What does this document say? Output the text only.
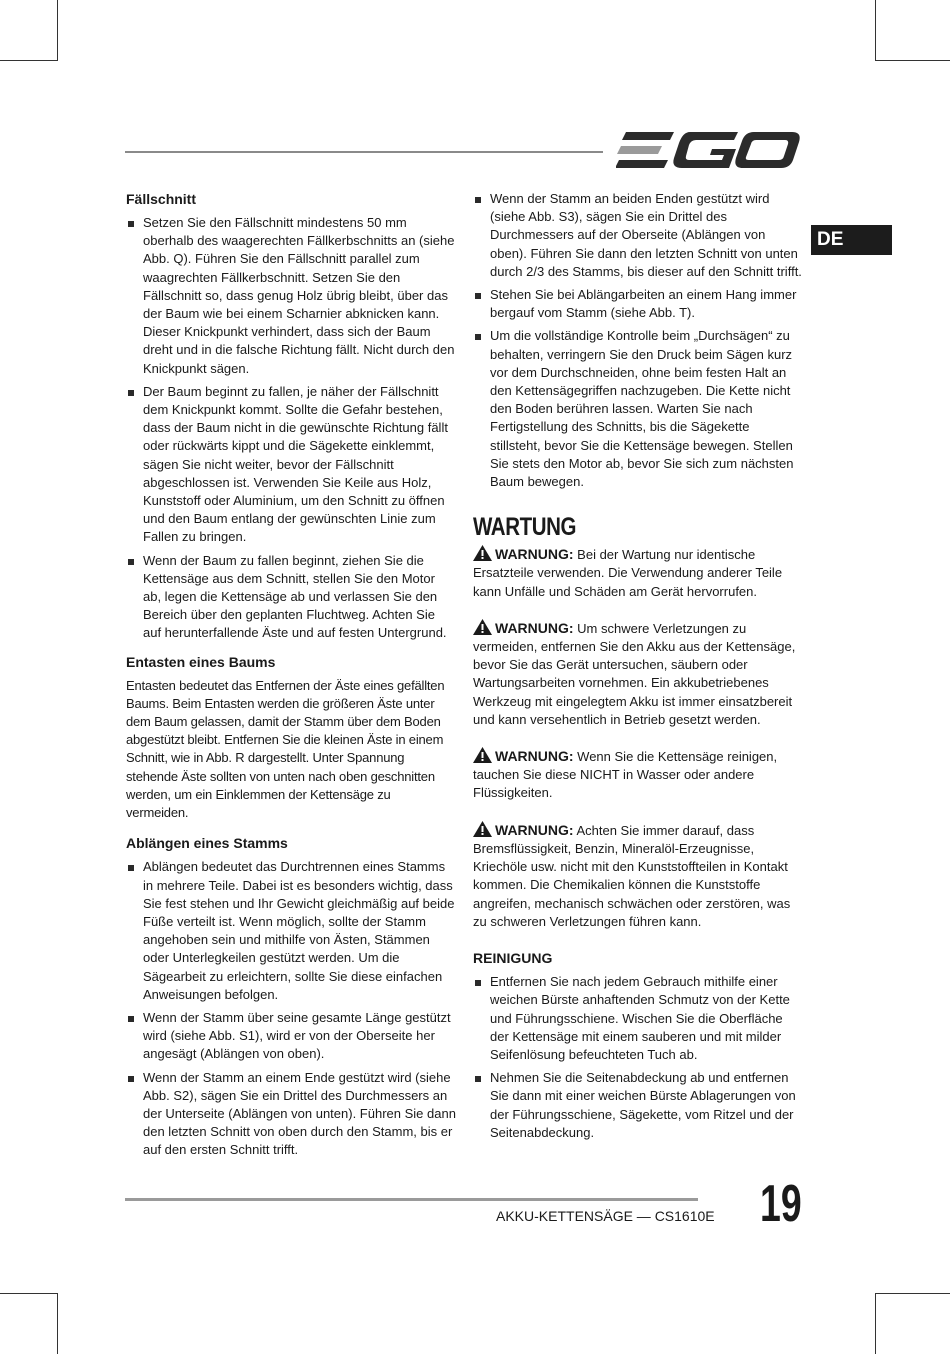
DE
Fällschnitt
Setzen Sie den Fällschnitt mindestens 50 mm oberhalb des waagerechten Fällkerbschnitts an (siehe Abb. Q). Führen Sie den Fällschnitt parallel zum waagrechten Fällkerbschnitt. Setzen Sie den Fällschnitt so, dass genug Holz übrig bleibt, über das der Baum wie bei einem Scharnier abknicken kann. Dieser Knickpunkt verhindert, dass sich der Baum dreht und in die falsche Richtung fällt. Nicht durch den Knickpunkt sägen.
Der Baum beginnt zu fallen, je näher der Fällschnitt dem Knickpunkt kommt. Sollte die Gefahr bestehen, dass der Baum nicht in die gewünschte Richtung fällt oder rückwärts kippt und die Sägekette einklemmt, sägen Sie nicht weiter, bevor der Fällschnitt abgeschlossen ist. Verwenden Sie Keile aus Holz, Kunststoff oder Aluminium, um den Schnitt zu öffnen und den Baum entlang der gewünschten Linie zum Fallen zu bringen.
Wenn der Baum zu fallen beginnt, ziehen Sie die Kettensäge aus dem Schnitt, stellen Sie den Motor ab, legen die Kettensäge ab und verlassen Sie den Bereich über den geplanten Fluchtweg. Achten Sie auf herunterfallende Äste und auf festen Untergrund.
Entasten eines Baums

Entasten bedeutet das Entfernen der Äste eines gefällten Baums. Beim Entasten werden die größeren Äste unter dem Baum gelassen, damit der Stamm über dem Boden abgestützt bleibt. Entfernen Sie die kleinen Äste in einem Schnitt, wie in Abb. R dargestellt. Unter Spannung stehende Äste sollten von unten nach oben geschnitten werden, um ein Einklemmen der Kettensäge zu vermeiden.

Ablängen eines Stamms
Ablängen bedeutet das Durchtrennen eines Stamms in mehrere Teile. Dabei ist es besonders wichtig, dass Sie fest stehen und Ihr Gewicht gleichmäßig auf beide Füße verteilt ist. Wenn möglich, sollte der Stamm angehoben sein und mithilfe von Ästen, Stämmen oder Unterlegkeilen gestützt werden. Um die Sägearbeit zu erleichtern, sollte Sie diese einfachen Anweisungen befolgen.
Wenn der Stamm über seine gesamte Länge gestützt wird (siehe Abb. S1), wird er von der Oberseite her angesägt (Ablängen von oben).
Wenn der Stamm an einem Ende gestützt wird (siehe Abb. S2), sägen Sie ein Drittel des Durchmessers an der Unterseite (Ablängen von unten). Führen Sie dann den letzten Schnitt von oben durch den Stamm, bis er auf den ersten Schnitt trifft.
Wenn der Stamm an beiden Enden gestützt wird (siehe Abb. S3), sägen Sie ein Drittel des Durchmessers auf der Oberseite (Ablängen von oben). Führen Sie dann den letzten Schnitt von unten durch 2/3 des Stamms, bis dieser auf den Schnitt trifft.
Stehen Sie bei Ablängarbeiten an einem Hang immer bergauf vom Stamm (siehe Abb. T).
Um die vollständige Kontrolle beim „Durchsägen“ zu behalten, verringern Sie den Druck beim Sägen kurz vor dem Durchschneiden, ohne beim festen Halt an den Kettensägegriffen nachzugeben. Die Kette nicht den Boden berühren lassen. Warten Sie nach Fertigstellung des Schnitts, bis die Sägekette stillsteht, bevor Sie die Kettensäge bewegen. Stellen Sie stets den Motor ab, bevor Sie sich zum nächsten Baum bewegen.
WARTUNG
WARNUNG: Bei der Wartung nur identische Ersatzteile verwenden. Die Verwendung anderer Teile kann Unfälle und Schäden am Gerät hervorrufen.
WARNUNG: Um schwere Verletzungen zu vermeiden, entfernen Sie den Akku aus der Kettensäge, bevor Sie das Gerät untersuchen, säubern oder Wartungsarbeiten vornehmen. Ein akkubetriebenes Werkzeug mit eingelegtem Akku ist immer einsatzbereit und kann versehentlich in Betrieb gesetzt werden.
WARNUNG: Wenn Sie die Kettensäge reinigen, tauchen Sie diese NICHT in Wasser oder andere Flüssigkeiten.
WARNUNG: Achten Sie immer darauf, dass Bremsflüssigkeit, Benzin, Mineralöl-Erzeugnisse, Kriechöle usw. nicht mit den Kunststoffteilen in Kontakt kommen. Die Chemikalien können die Kunststoffe angreifen, mechanisch schwächen oder zerstören, was zu schweren Verletzungen führen kann.
REINIGUNG
Entfernen Sie nach jedem Gebrauch mithilfe einer weichen Bürste anhaftenden Schmutz von der Kette und Führungsschiene. Wischen Sie die Oberfläche der Kettensäge mit einem sauberen und mit milder Seifenlösung befeuchteten Tuch ab.
Nehmen Sie die Seitenabdeckung ab und entfernen Sie dann mit einer weichen Bürste Ablagerungen von der Führungsschiene, Sägekette, vom Ritzel und der Seitenabdeckung.
AKKU-KETTENSÄGE — CS1610E 19
